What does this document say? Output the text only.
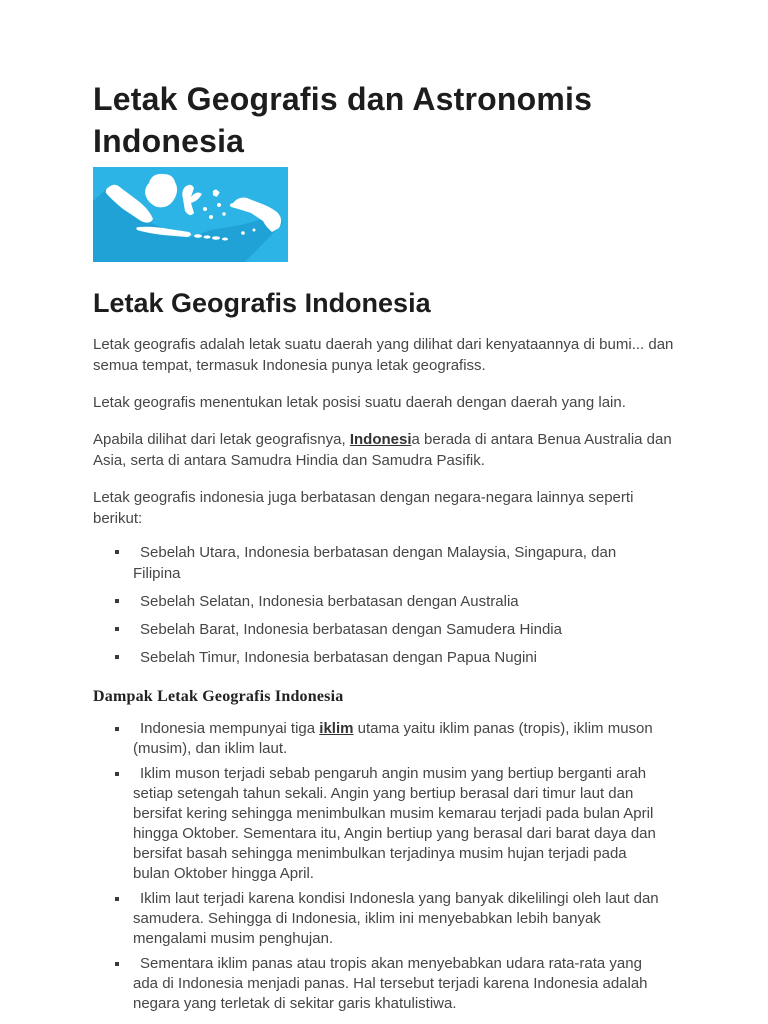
Letak Geografis dan Astronomis Indonesia
Letak Geografis Indonesia

Letak geografis adalah letak suatu daerah yang dilihat dari kenyataannya di bumi... dan semua tempat, termasuk Indonesia punya letak geografiss.

Letak geografis menentukan letak posisi suatu daerah dengan daerah yang lain.

Apabila dilihat dari letak geografisnya, Indonesia berada di antara Benua Australia dan Asia, serta di antara Samudra Hindia dan Samudra Pasifik.

Letak geografis indonesia juga berbatasan dengan negara-negara lainnya seperti berikut:

Sebelah Utara, Indonesia berbatasan dengan Malaysia, Singapura, dan Filipina
Sebelah Selatan, Indonesia berbatasan dengan Australia
Sebelah Barat, Indonesia berbatasan dengan Samudera Hindia
Sebelah Timur, Indonesia berbatasan dengan Papua Nugini
Dampak Letak Geografis Indonesia
Indonesia mempunyai tiga iklim utama yaitu iklim panas (tropis), iklim muson (musim), dan iklim laut.
Iklim muson terjadi sebab pengaruh angin musim yang bertiup berganti arah setiap setengah tahun sekali. Angin yang bertiup berasal dari timur laut dan bersifat kering sehingga menimbulkan musim kemarau terjadi pada bulan April hingga Oktober. Sementara itu, Angin bertiup yang berasal dari barat daya dan bersifat basah sehingga menimbulkan terjadinya musim hujan terjadi pada bulan Oktober hingga April.
Iklim laut terjadi karena kondisi Indonesla yang banyak dikelilingi oleh laut dan samudera. Sehingga di Indonesia, iklim ini menyebabkan lebih banyak mengalami musim penghujan.
Sementara iklim panas atau tropis akan menyebabkan udara rata-rata yang ada di Indonesia menjadi panas. Hal tersebut terjadi karena Indonesia adalah negara yang terletak di sekitar garis khatulistiwa.
